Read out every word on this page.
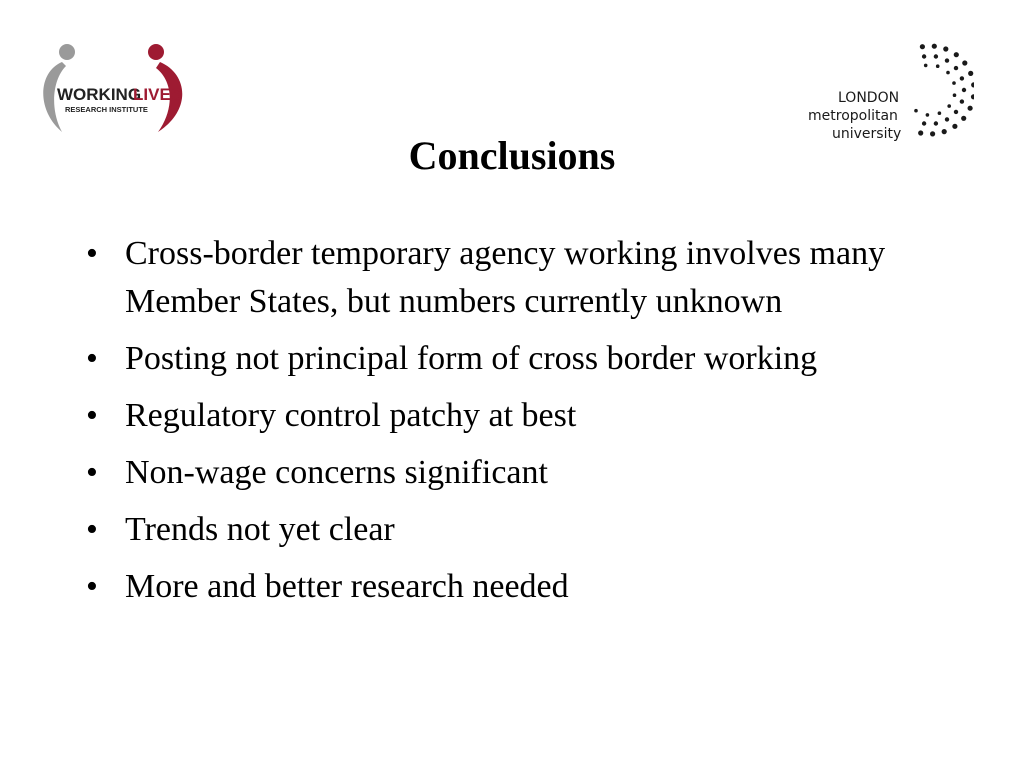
WORKING
LIVES
RESEARCH INSTITUTE
LONDON
metropolitan
university
Conclusions
• Cross-border temporary agency working involves many Member States, but numbers currently unknown
• Posting not principal form of cross border working
• Regulatory control patchy at best
• Non-wage concerns significant
• Trends not yet clear
• More and better research needed
